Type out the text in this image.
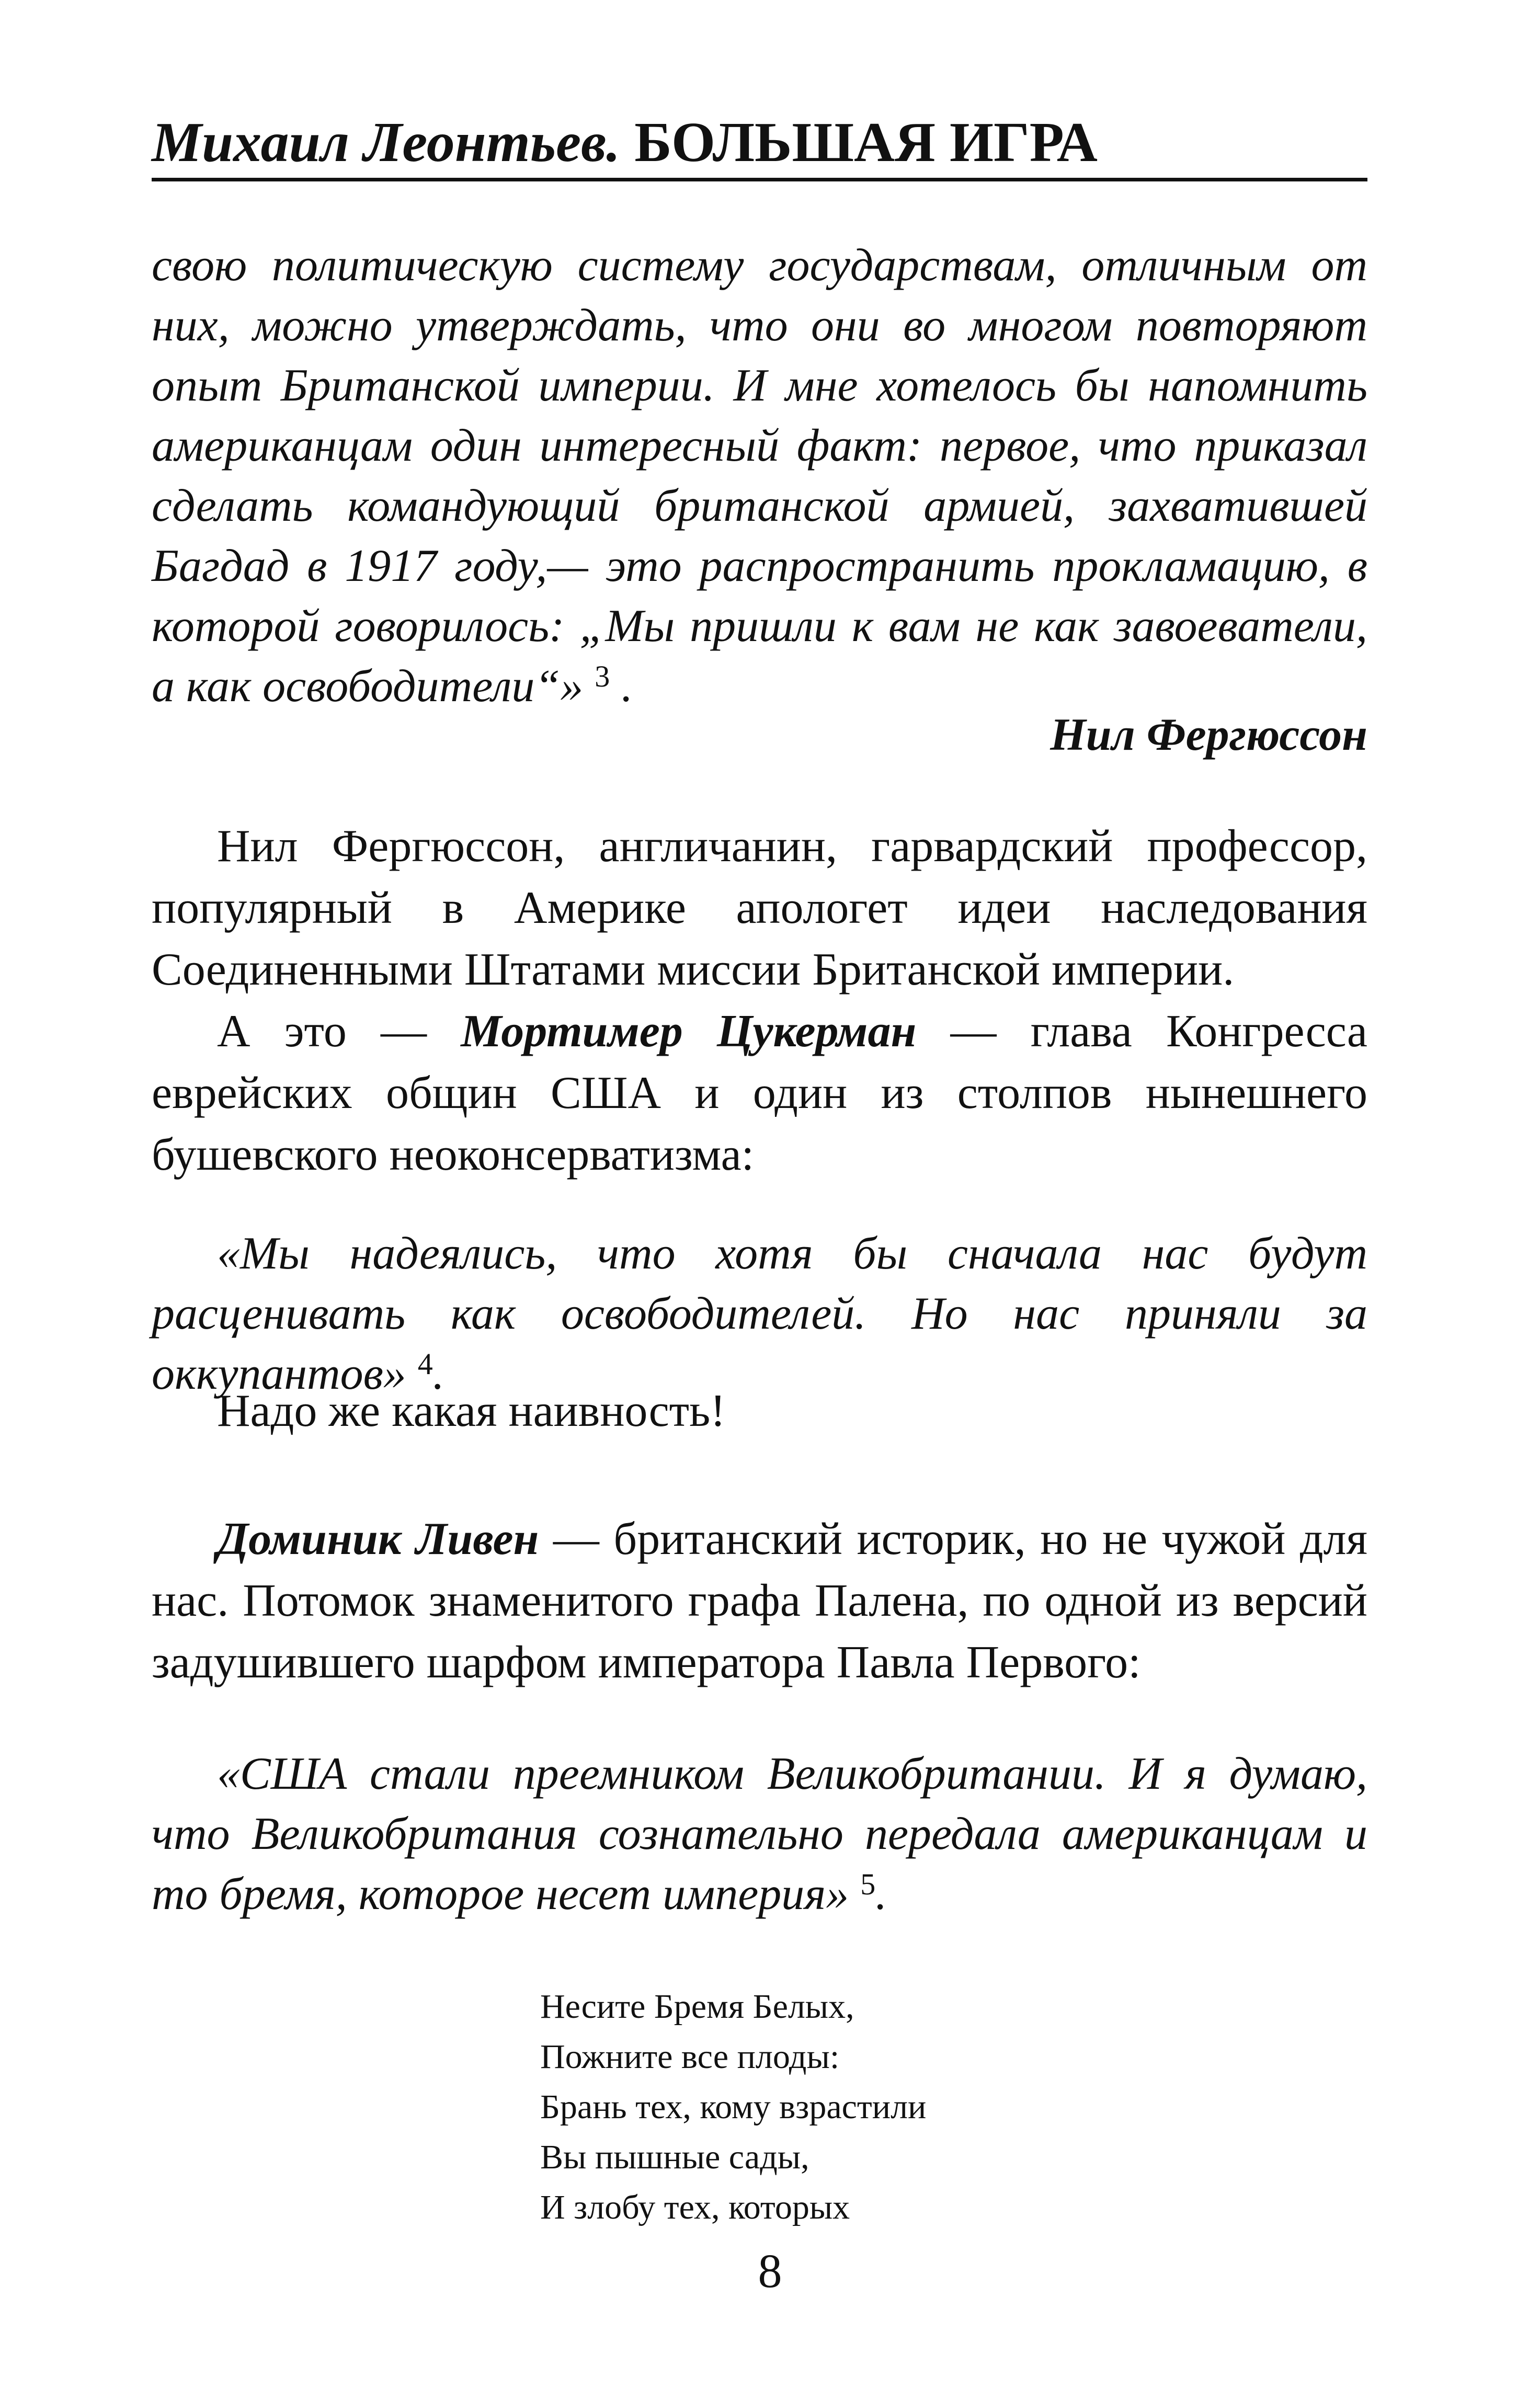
Михаил Леонтьев. БОЛЬШАЯ ИГРА

свою политическую систему государствам, отличным от них, можно утверждать, что они во многом повторяют опыт Британской империи. И мне хотелось бы напомнить американцам один интересный факт: первое, что приказал сделать командующий британской армией, захватившей Багдад в 1917 году,— это распространить прокламацию, в которой говорилось: „Мы пришли к вам не как завоеватели, а как освободители“» $^3$ .

Нил Фергюссон

Нил Фергюссон, англичанин, гарвардский профессор, популярный в Америке апологет идеи наследования Соединенными Штатами миссии Британской империи.

А это — Мортимер Цукерман — глава Конгресса еврейских общин США и один из столпов нынешнего бушевского неоконсерватизма:

«Мы надеялись, что хотя бы сначала нас будут расценивать как освободителей. Но нас приняли за оккупантов» $^4$.

Надо же какая наивность!

Доминик Ливен — британский историк, но не чужой для нас. Потомок знаменитого графа Палена, по одной из версий задушившего шарфом императора Павла Первого:

«США стали преемником Великобритании. И я думаю, что Великобритания сознательно передала американцам и то бремя, которое несет империя» $^5$.

Несите Бремя Белых,
Пожните все плоды:
Брань тех, кому взрастили
Вы пышные сады,
И злобу тех, которых
8
